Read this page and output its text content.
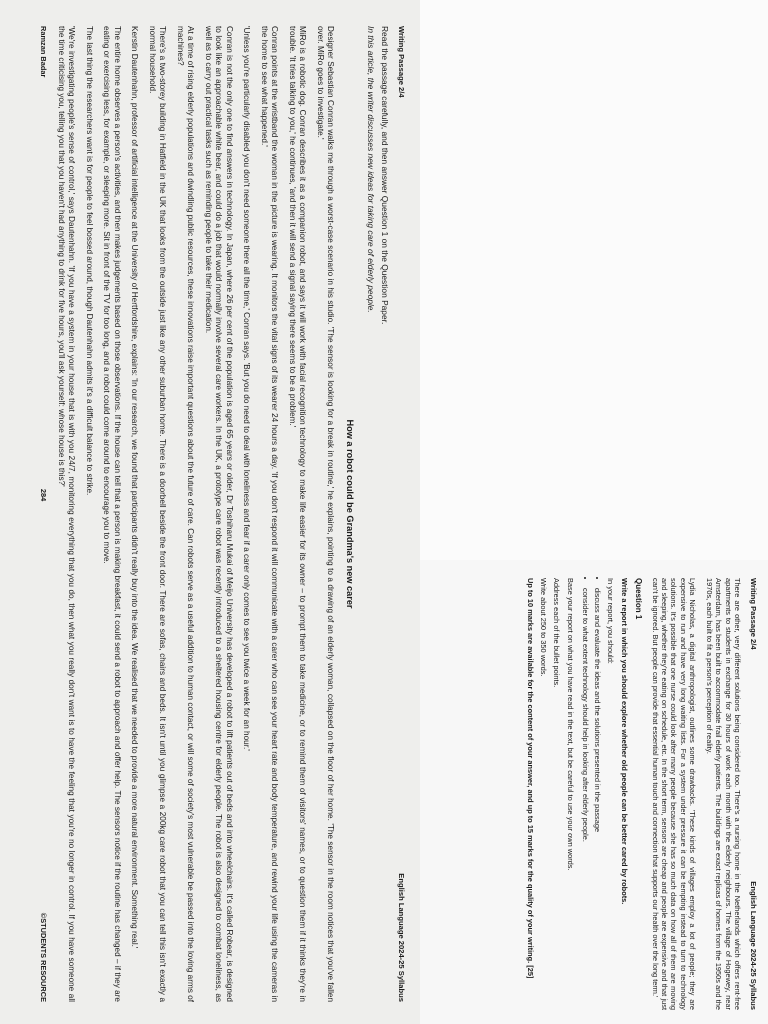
Writing Passage 2/4
English Language 2024-25 Syllabus

Read the passage carefully, and then answer Question 1 on the Question Paper.

In this article, the writer discusses new ideas for taking care of elderly people.

How a robot could be Grandma's new carer

Designer Sebastian Conran walks me through a worst-case scenario in his studio. 'The sensor is looking for a break in routine,' he explains, pointing to a drawing of an elderly woman, collapsed on the floor of her home. 'The sensor in the room notices that you've fallen over. MiRo goes to investigate.'

MiRo is a robotic dog. Conran describes it as a companion robot, and says it will work with facial recognition technology to make life easier for its owner – to prompt them to take medicine, or to remind them of visitors' names, or to question them if it thinks they're in trouble. 'It tries talking to you,' he continues, 'and then it will send a signal saying there seems to be a problem.'

Conran points at the wristband the woman in the picture is wearing. It monitors the vital signs of its wearer 24 hours a day. 'If you don't respond it will communicate with a carer who can see your heart rate and body temperature, and rewind your life using the cameras in the home to see what happened.'

'Unless you're particularly disabled you don't need someone there all the time,' Conran says. 'But you do need to deal with loneliness and fear if a carer only comes to see you twice a week for an hour.'

Conran is not the only one to find answers in technology. In Japan, where 26 per cent of the population is aged 65 years or older, Dr Toshiharu Mukai of Meijo University has developed a robot to lift patients out of beds and into wheelchairs. It's called Robear, is designed to look like an approachable white bear, and could do a job that would normally involve several care workers. In the UK, a prototype care robot was recently introduced to a sheltered housing centre for elderly people. The robot is also designed to combat loneliness, as well as to carry out practical tasks such as reminding people to take their medication.

At a time of rising elderly populations and dwindling public resources, these innovations raise important questions about the future of care. Can robots serve as a useful addition to human contact, or will some of society's most vulnerable be passed into the loving arms of machines?

There's a two-storey building in Hatfield in the UK that looks from the outside just like any other suburban home. There is a doorbell beside the front door. There are sofas, chairs and beds. It isn't until you glimpse a 200kg care robot that you can tell this isn't exactly a normal household.

Kerstin Dautenhahn, professor of artificial intelligence at the University of Hertfordshire, explains: 'In our research, we found that participants didn't really buy into the idea. We realised that we needed to provide a more natural environment. Something real.'

The entire home observes a person's activities, and then makes judgements based on those observations. If the house can tell that a person is making breakfast, it could send a robot to approach and offer help. The sensors notice if the routine has changed – if they are eating or exercising less, for example, or sleeping more. Sit in front of the TV for too long, and a robot could come around to encourage you to move.

The last thing the researchers want is for people to feel bossed around, though Dautenhahn admits it's a difficult balance to strike.

'We're investigating people's sense of control,' says Dautenhahn. 'If you have a system in your house that is with you 24/7, monitoring everything that you do, then what you really don't want is to have the feeling that you're no longer in control. If you have someone all the time criticising you, telling you that you haven't had anything to drink for five hours, you'll ask yourself: whose house is this?'

Ramzan Badar
284
©STUDENTS RESOURCE
Writing Passage 2/4
English Language 2024-25 Syllabus

There are other, very different solutions being considered too. There's a nursing home in the Netherlands which offers rent-free apartments to students in exchange for 30 hours of work each month with the elderly neighbours. The village of Hogewey, near Amsterdam, has been built to accommodate frail elderly patients. The buildings are exact replicas of homes from the 1950s and the 1970s, each built to fit a person's perception of reality.

Lydia Nicholas, a digital anthropologist, outlines some drawbacks. 'These kinds of villages employ a lot of people; they are expensive to run and have very long waiting lists. For a system under pressure it can be tempting instead to turn to technology solutions. It's possible that one nurse could look after many people because she has so much data on how all of them are moving and sleeping, whether they're eating on schedule, etc. In the short term, sensors are cheap and people are expensive and that just can't be ignored. But people can provide that essential human touch and connection that supports our health over the long term.'

Question 1

Write a report in which you should explore whether old people can be better cared by robots.

In your report, you should:

• discuss and evaluate the ideas and the solutions presented in the passage
• consider to what extent technology should help in looking after elderly people.

Base your report on what you have read in the text, but be careful to use your own words.

Address each of the bullet points.

Write about 250 to 350 words.

Up to 10 marks are available for the content of your answer, and up to 15 marks for the quality of your writing. [25]
